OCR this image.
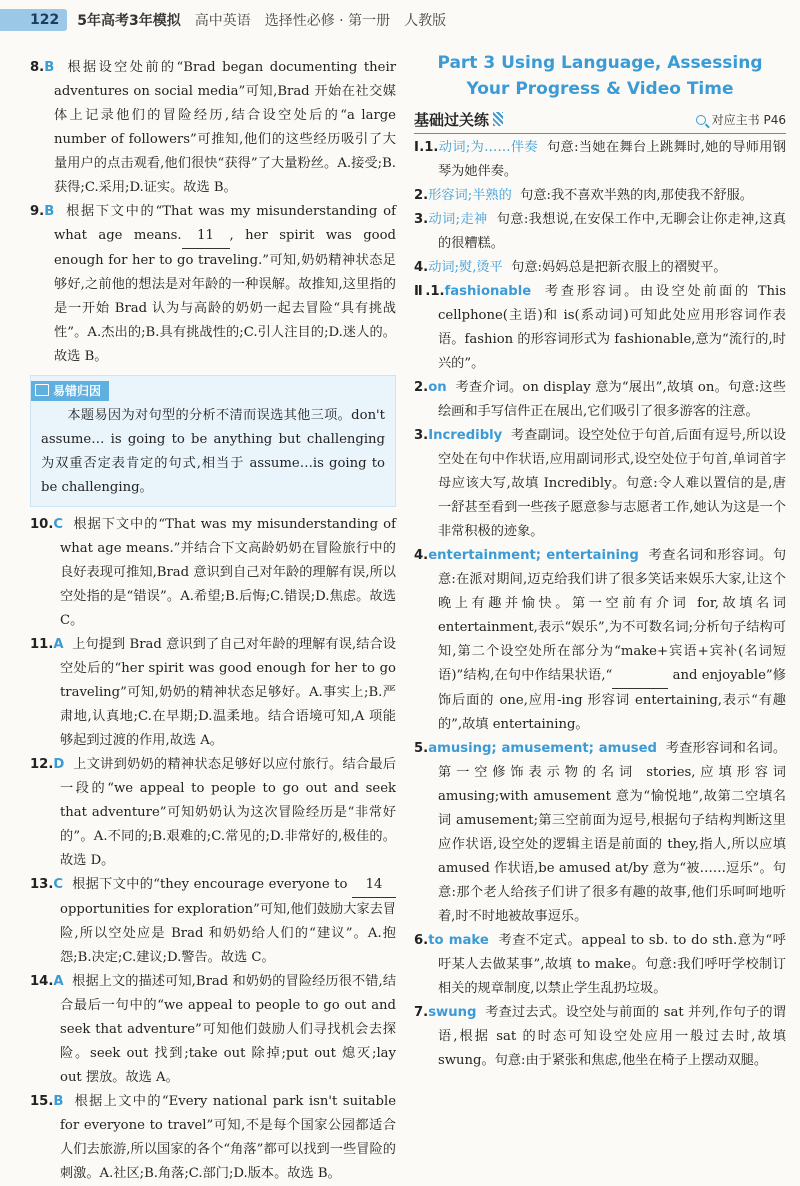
122	5年高考3年模拟 高中英语 选择性必修 · 第一册 人教版
8.B 根据设空处前的“Brad began documenting their adventures on social media”可知,Brad 开始在社交媒体上记录他们的冒险经历,结合设空处后的“a large number of followers”可推知,他们的这些经历吸引了大量用户的点击观看,他们很快“获得”了大量粉丝。A.接受;B.获得;C.采用;D.证实。故选 B。
9.B 根据下文中的“That was my misunderstanding of what age means. 11 , her spirit was good enough for her to go traveling.”可知,奶奶精神状态足够好,之前他的想法是对年龄的一种误解。故推知,这里指的是一开始 Brad 认为与高龄的奶奶一起去冒险“具有挑战性”。A.杰出的;B.具有挑战性的;C.引人注目的;D.迷人的。故选 B。
易错归因
本题易因为对句型的分析不清而误选其他三项。don't assume… is going to be anything but challenging 为双重否定表肯定的句式,相当于 assume…is going to be challenging。
10.C 根据下文中的“That was my misunderstanding of what age means.”并结合下文高龄奶奶在冒险旅行中的良好表现可推知,Brad 意识到自己对年龄的理解有误,所以空处指的是“错误”。A.希望;B.后悔;C.错误;D.焦虑。故选 C。
11.A 上句提到 Brad 意识到了自己对年龄的理解有误,结合设空处后的“her spirit was good enough for her to go traveling”可知,奶奶的精神状态足够好。A.事实上;B.严肃地,认真地;C.在早期;D.温柔地。结合语境可知,A 项能够起到过渡的作用,故选 A。
12.D 上文讲到奶奶的精神状态足够好以应付旅行。结合最后一段的“we appeal to people to go out and seek that adventure”可知奶奶认为这次冒险经历是“非常好的”。A.不同的;B.艰难的;C.常见的;D.非常好的,极佳的。故选 D。
13.C 根据下文中的“they encourage everyone to 14 opportunities for exploration”可知,他们鼓励大家去冒险,所以空处应是 Brad 和奶奶给人们的“建议”。A.抱怨;B.决定;C.建议;D.警告。故选 C。
14.A 根据上文的描述可知,Brad 和奶奶的冒险经历很不错,结合最后一句中的“we appeal to people to go out and seek that adventure”可知他们鼓励人们寻找机会去探险。seek out 找到;take out 除掉;put out 熄灭;lay out 摆放。故选 A。
15.B 根据上文中的“Every national park isn't suitable for everyone to travel”可知,不是每个国家公园都适合人们去旅游,所以国家的各个“角落”都可以找到一些冒险的刺激。A.社区;B.角落;C.部门;D.版本。故选 B。
Part 3 Using Language, Assessing
Your Progress & Video Time
基础过关练	对应主书 P46
Ⅰ.1.动词;为……伴奏 句意:当她在舞台上跳舞时,她的导师用钢琴为她伴奏。
2.形容词;半熟的 句意:我不喜欢半熟的肉,那使我不舒服。
3.动词;走神 句意:我想说,在安保工作中,无聊会让你走神,这真的很糟糕。
4.动词;熨,烫平 句意:妈妈总是把新衣服上的褶熨平。
Ⅱ.1.fashionable 考查形容词。由设空处前面的 This cellphone(主语)和 is(系动词)可知此处应用形容词作表语。fashion 的形容词形式为 fashionable,意为“流行的,时兴的”。
2.on 考查介词。on display 意为“展出”,故填 on。句意:这些绘画和手写信件正在展出,它们吸引了很多游客的注意。
3.Incredibly 考查副词。设空处位于句首,后面有逗号,所以设空处在句中作状语,应用副词形式,设空处位于句首,单词首字母应该大写,故填 Incredibly。句意:令人难以置信的是,唐一舒甚至看到一些孩子愿意参与志愿者工作,她认为这是一个非常积极的迹象。
4.entertainment; entertaining 考查名词和形容词。句意:在派对期间,迈克给我们讲了很多笑话来娱乐大家,让这个晚上有趣并愉快。第一空前有介词 for,故填名词 entertainment,表示“娱乐”,为不可数名词;分析句子结构可知,第二个设空处所在部分为“make+宾语+宾补(名词短语)”结构,在句中作结果状语,“	and enjoyable”修饰后面的 one,应用-ing 形容词 entertaining,表示“有趣的”,故填 entertaining。
5.amusing; amusement; amused 考查形容词和名词。第一空修饰表示物的名词 stories,应填形容词 amusing;with amusement 意为“愉悦地”,故第二空填名词 amusement;第三空前面为逗号,根据句子结构判断这里应作状语,设空处的逻辑主语是前面的 they,指人,所以应填 amused 作状语,be amused at/by 意为“被……逗乐”。句意:那个老人给孩子们讲了很多有趣的故事,他们乐呵呵地听着,时不时地被故事逗乐。
6.to make 考查不定式。appeal to sb. to do sth.意为“呼吁某人去做某事”,故填 to make。句意:我们呼吁学校制订相关的规章制度,以禁止学生乱扔垃圾。
7.swung 考查过去式。设空处与前面的 sat 并列,作句子的谓语,根据 sat 的时态可知设空处应用一般过去时,故填 swung。句意:由于紧张和焦虑,他坐在椅子上摆动双腿。
